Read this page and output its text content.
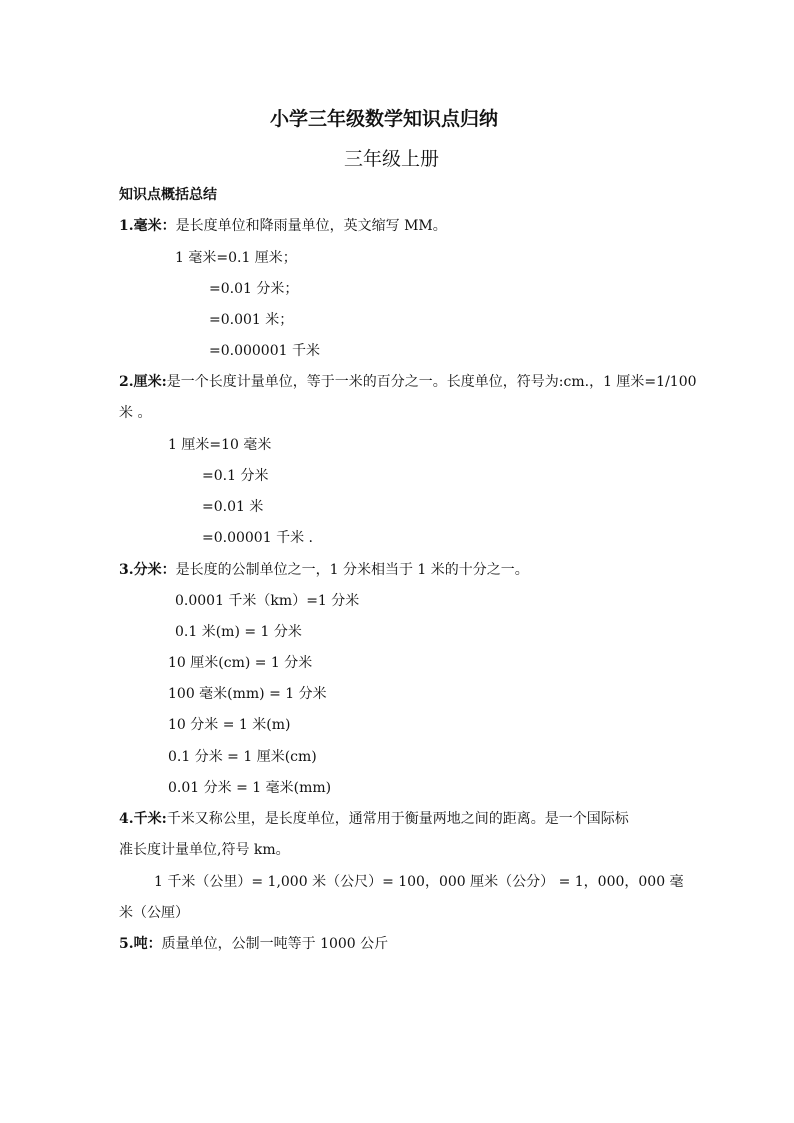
小学三年级数学知识点归纳
三年级上册
知识点概括总结
1.毫米：是长度单位和降雨量单位，英文缩写 MM。
1 毫米=0.1 厘米；
=0.01 分米；
=0.001 米；
=0.000001 千米
2.厘米:是一个长度计量单位，等于一米的百分之一。长度单位，符号为:cm.，1 厘米=1/100
米 。
1 厘米=10 毫米
=0.1 分米
=0.01 米
=0.00001 千米 .
3.分米：是长度的公制单位之一，1 分米相当于 1 米的十分之一。
0.0001 千米（km）=1 分米
0.1 米(m) = 1 分米
10 厘米(cm) = 1 分米
100 毫米(mm) = 1 分米
10 分米 = 1 米(m)
0.1 分米 = 1 厘米(cm)
0.01 分米 = 1 毫米(mm)
4.千米:千米又称公里，是长度单位，通常用于衡量两地之间的距离。是一个国际标
准长度计量单位,符号 km。
1 千米（公里）= 1,000 米（公尺）= 100，000 厘米（公分） = 1，000，000 毫
米（公厘）
5.吨：质量单位，公制一吨等于 1000 公斤
